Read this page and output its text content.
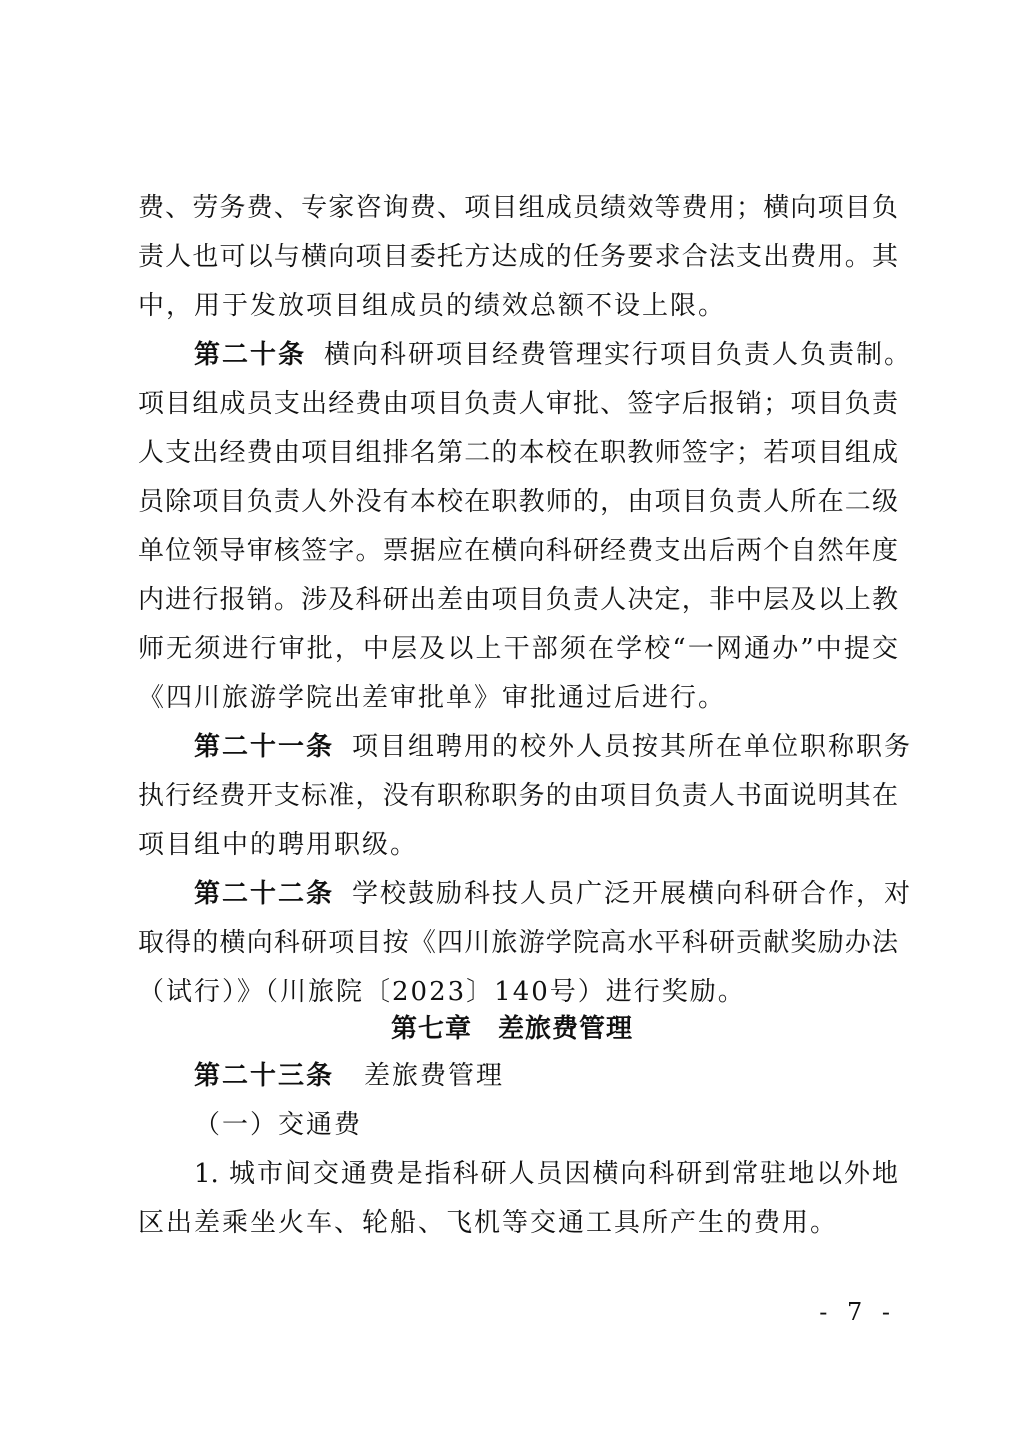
费、劳务费、专家咨询费、项目组成员绩效等费用；横向项目负
责人也可以与横向项目委托方达成的任务要求合法支出费用。其
中，用于发放项目组成员的绩效总额不设上限。
第二十条 横向科研项目经费管理实行项目负责人负责制。
项目组成员支出经费由项目负责人审批、签字后报销；项目负责
人支出经费由项目组排名第二的本校在职教师签字；若项目组成
员除项目负责人外没有本校在职教师的，由项目负责人所在二级
单位领导审核签字。票据应在横向科研经费支出后两个自然年度
内进行报销。涉及科研出差由项目负责人决定，非中层及以上教
师无须进行审批，中层及以上干部须在学校“一网通办”中提交
《四川旅游学院出差审批单》审批通过后进行。
第二十一条 项目组聘用的校外人员按其所在单位职称职务
执行经费开支标准，没有职称职务的由项目负责人书面说明其在
项目组中的聘用职级。
第二十二条 学校鼓励科技人员广泛开展横向科研合作，对
取得的横向科研项目按《四川旅游学院高水平科研贡献奖励办法
（试行）》（川旅院〔2023〕140号）进行奖励。
第七章 差旅费管理
第二十三条 差旅费管理
（一）交通费
1. 城市间交通费是指科研人员因横向科研到常驻地以外地
区出差乘坐火车、轮船、飞机等交通工具所产生的费用。
- 7 -
